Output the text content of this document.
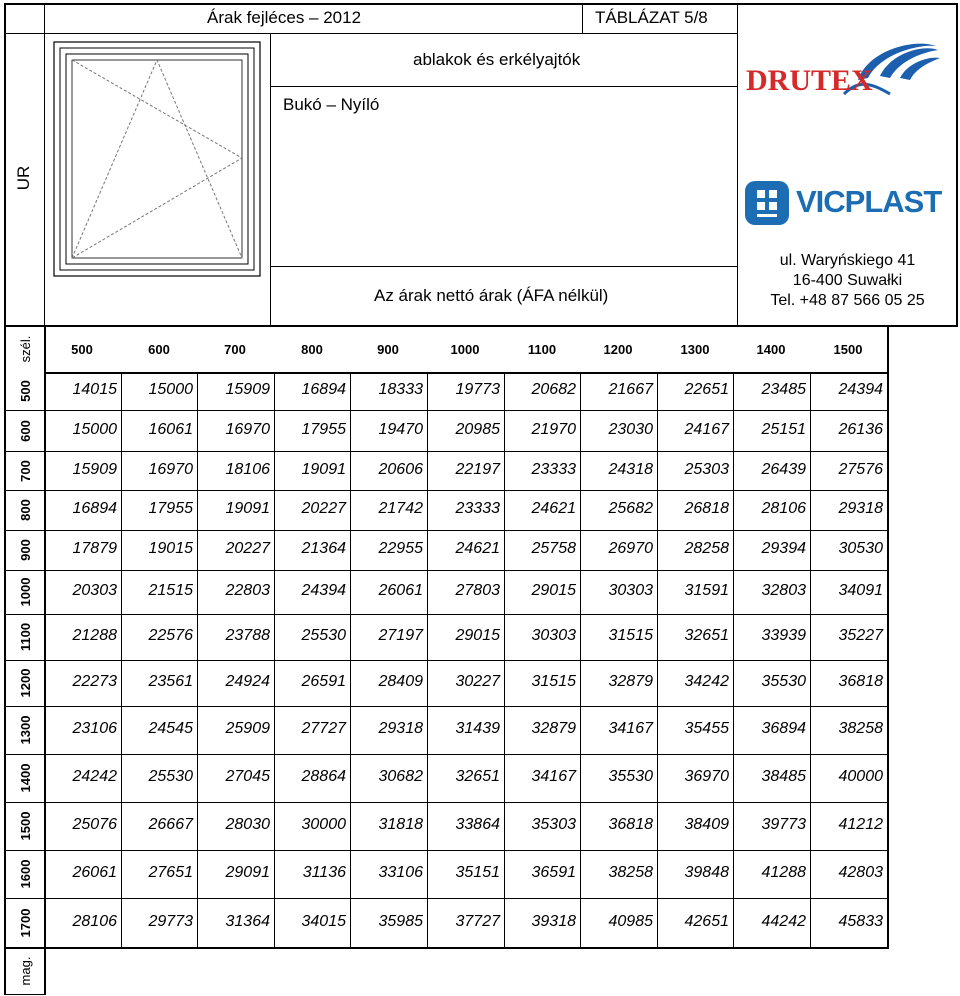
Árak fejléces – 2012	TÁBLÁZAT 5/8
ablakok és erkélyajtók
Bukó – Nyíló
Az árak nettó árak (ÁFA nélkül)
UR
DRUTEX
VICPLAST
ul. Waryńskiego 41
16-400 Suwałki
Tel. +48 87 566 05 25
szél.
mag.
500	600	700	800	900	1000	1100	1200	1300	1400	1500
500	14015	15000	15909	16894	18333	19773	20682	21667	22651	23485	24394
600	15000	16061	16970	17955	19470	20985	21970	23030	24167	25151	26136
700	15909	16970	18106	19091	20606	22197	23333	24318	25303	26439	27576
800	16894	17955	19091	20227	21742	23333	24621	25682	26818	28106	29318
900	17879	19015	20227	21364	22955	24621	25758	26970	28258	29394	30530
1000	20303	21515	22803	24394	26061	27803	29015	30303	31591	32803	34091
1100	21288	22576	23788	25530	27197	29015	30303	31515	32651	33939	35227
1200	22273	23561	24924	26591	28409	30227	31515	32879	34242	35530	36818
1300	23106	24545	25909	27727	29318	31439	32879	34167	35455	36894	38258
1400	24242	25530	27045	28864	30682	32651	34167	35530	36970	38485	40000
1500	25076	26667	28030	30000	31818	33864	35303	36818	38409	39773	41212
1600	26061	27651	29091	31136	33106	35151	36591	38258	39848	41288	42803
1700	28106	29773	31364	34015	35985	37727	39318	40985	42651	44242	45833
